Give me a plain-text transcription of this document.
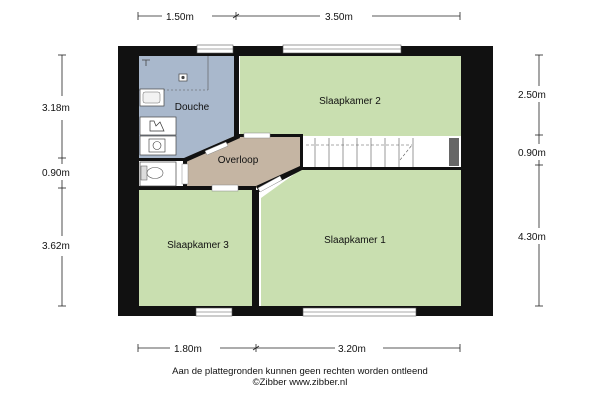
Douche
Slaapkamer 2
Overloop
Slaapkamer 3	Slaapkamer 1
1.50m	3.50m
1.80m	3.20m
3.18m
0.90m
3.62m
2.50m
0.90m
4.30m
Aan de plattegronden kunnen geen rechten worden ontleend
©Zibber www.zibber.nl
